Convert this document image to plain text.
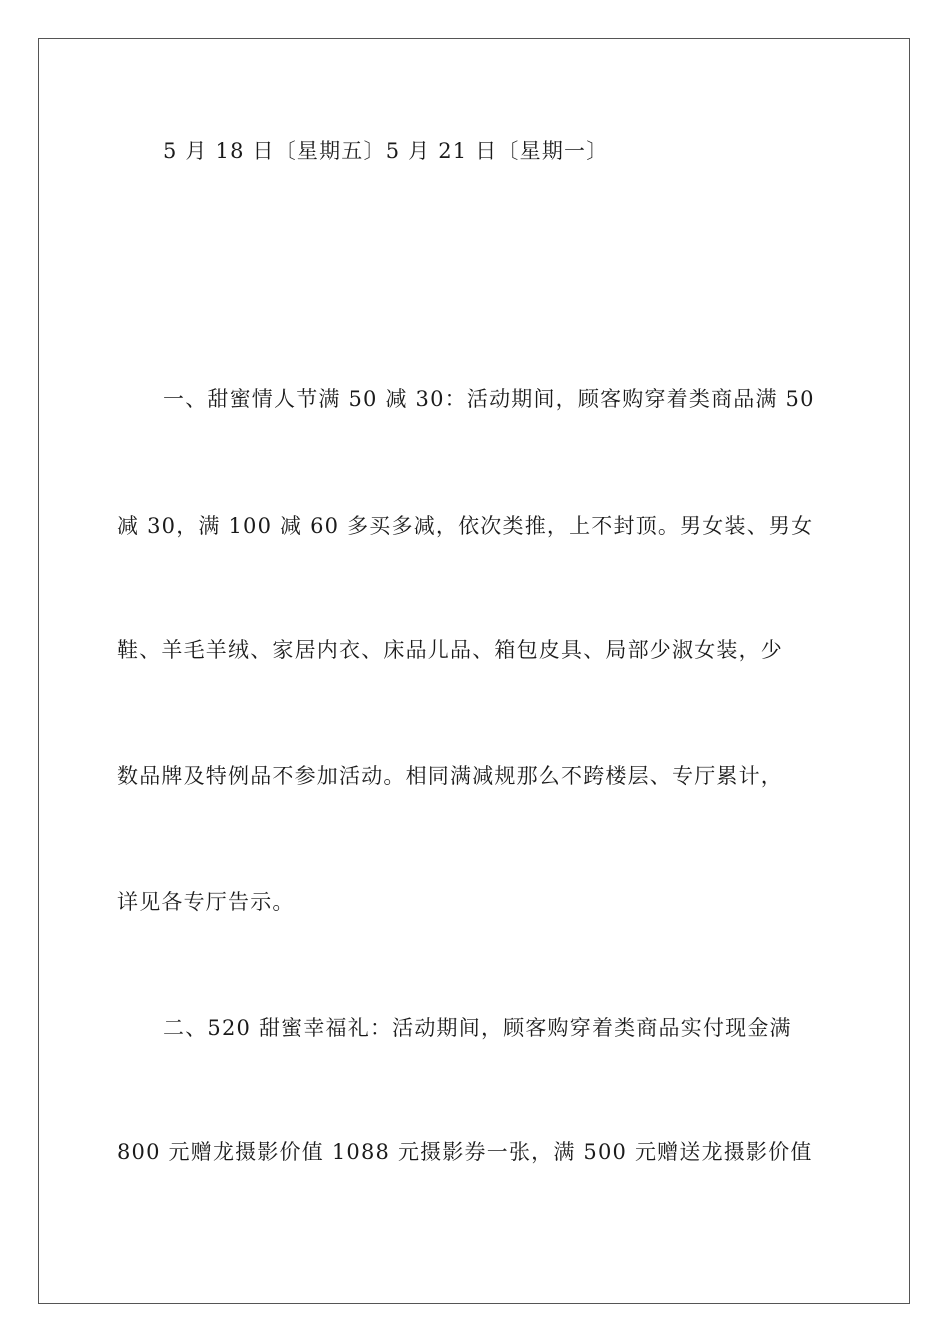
5 月 18 日〔星期五〕5 月 21 日〔星期一〕
一、甜蜜情人节满 50 减 30：活动期间，顾客购穿着类商品满 50
减 30，满 100 减 60 多买多减，依次类推，上不封顶。男女装、男女
鞋、羊毛羊绒、家居内衣、床品儿品、箱包皮具、局部少淑女装，少
数品牌及特例品不参加活动。相同满减规那么不跨楼层、专厅累计，
详见各专厅告示。
二、520 甜蜜幸福礼：活动期间，顾客购穿着类商品实付现金满
800 元赠龙摄影价值 1088 元摄影券一张，满 500 元赠送龙摄影价值
